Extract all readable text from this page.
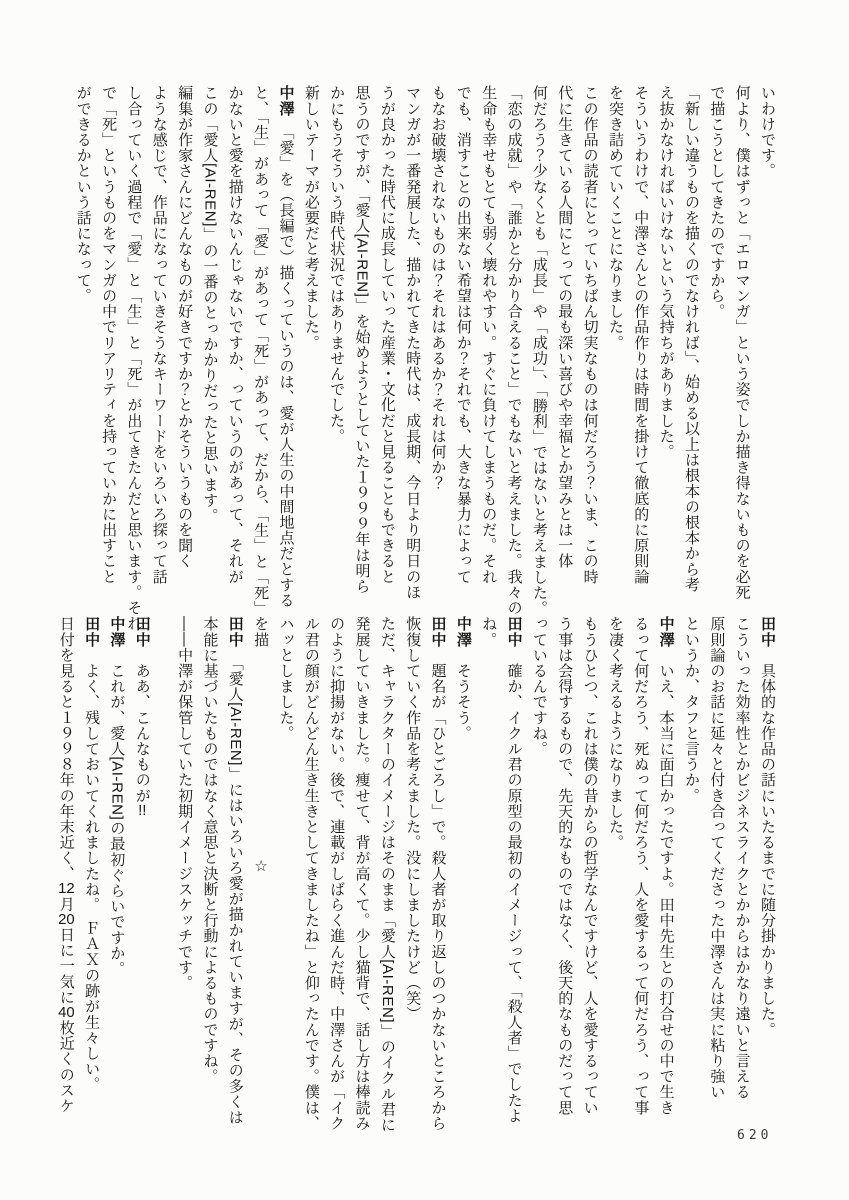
いわけです。

何より、僕はずっと「エロマンガ」という姿でしか描き得ないものを必死

で描こうとしてきたのですから。

「新しい違うものを描くのでなければ」、始める以上は根本の根本から考

え抜かなければいけないという気持ちがありました。

そういうわけで、中澤さんとの作品作りは時間を掛けて徹底的に原則論

を突き詰めていくことになりました。

この作品の読者にとっていちばん切実なものは何だろう？いま、この時

代に生きている人間にとっての最も深い喜びや幸福とか望みとは一体

何だろう？少なくとも「成長」や「成功」、「勝利」ではないと考えました。

「恋の成就」や「誰かと分かり合えること」でもないと考えました。我々の

生命も幸せもとても弱く壊れやすい。すぐに負けてしまうものだ。それ

でも、消すことの出来ない希望は何か？それでも、大きな暴力によって

もなお破壊されないものは？それはあるか？それは何か？

マンガが一番発展した、描かれてきた時代は、成長期、今日より明日のほ

うが良かった時代に成長していった産業・文化だと見ることもできると

思うのですが、「愛人[AI-REN]」を始めようとしていた１９９９年は明ら

かにもうそういう時代状況ではありませんでした。

新しいテーマが必要だと考えました。

中澤　「愛」を（長編で）描くっていうのは、愛が人生の中間地点だとする

と、「生」があって「愛」があって「死」があって、だから、「生」と「死」を描

かないと愛を描けないんじゃないですか、っていうのがあって、それが

この「愛人[AI-REN]」の一番のとっかかりだったと思います。

編集が作家さんにどんなものが好きですか？とかそういうものを聞く

ような感じで、作品になっていきそうなキーワードをいろいろ探って話

し合っていく過程で「愛」と「生」と「死」が出てきたんだと思います。それ

で「死」というものをマンガの中でリアリティを持っていかに出すこと

ができるかという話になって。

田中　具体的な作品の話にいたるまでに随分掛かりました。

こういった効率性とかビジネスライクとかからはかなり遠いと言える

原則論のお話に延々と付き合ってくださった中澤さんは実に粘り強い

というか、タフと言うか。

中澤　いえ、本当に面白かったですよ。田中先生との打合せの中で生き

るって何だろう、死ぬって何だろう、人を愛するって何だろう、って事

を凄く考えるようになりました。

もうひとつ、これは僕の昔からの哲学なんですけど、人を愛するってい

う事は会得するもので、先天的なものではなく、後天的なものだって思

っているんですね。

田中　確か、イクル君の原型の最初のイメージって、「殺人者」でしたよ

ね。

中澤　そうそう。

田中　題名が「ひとごろし」で。殺人者が取り返しのつかないところから

恢復していく作品を考えました。没にしましたけど（笑）

ただ、キャラクターのイメージはそのまま「愛人[AI-REN]」のイクル君に

発展していきました。痩せて、背が高くて。少し猫背で、話し方は棒読み

のように抑揚がない。後で、連載がしばらく進んだ時、中澤さんが「イク

ル君の顔がどんどん生き生きとしてきましたね」と仰ったんです。僕は、

ハッとしました。

☆

田中　「愛人[AI-REN]」にはいろいろ愛が描かれていますが、その多くは

本能に基づいたものではなく意思と決断と行動によるものですね。

――中澤が保管していた初期イメージスケッチです。

田中　ああ、こんなものが!!

中澤　これが、愛人[AI-REN]の最初ぐらいですか。

田中　よく、残しておいてくれましたね。　ＦＡＸの跡が生々しい。

日付を見ると１９９８年の年末近く、12月20日に一気に40枚近くのスケ

620
